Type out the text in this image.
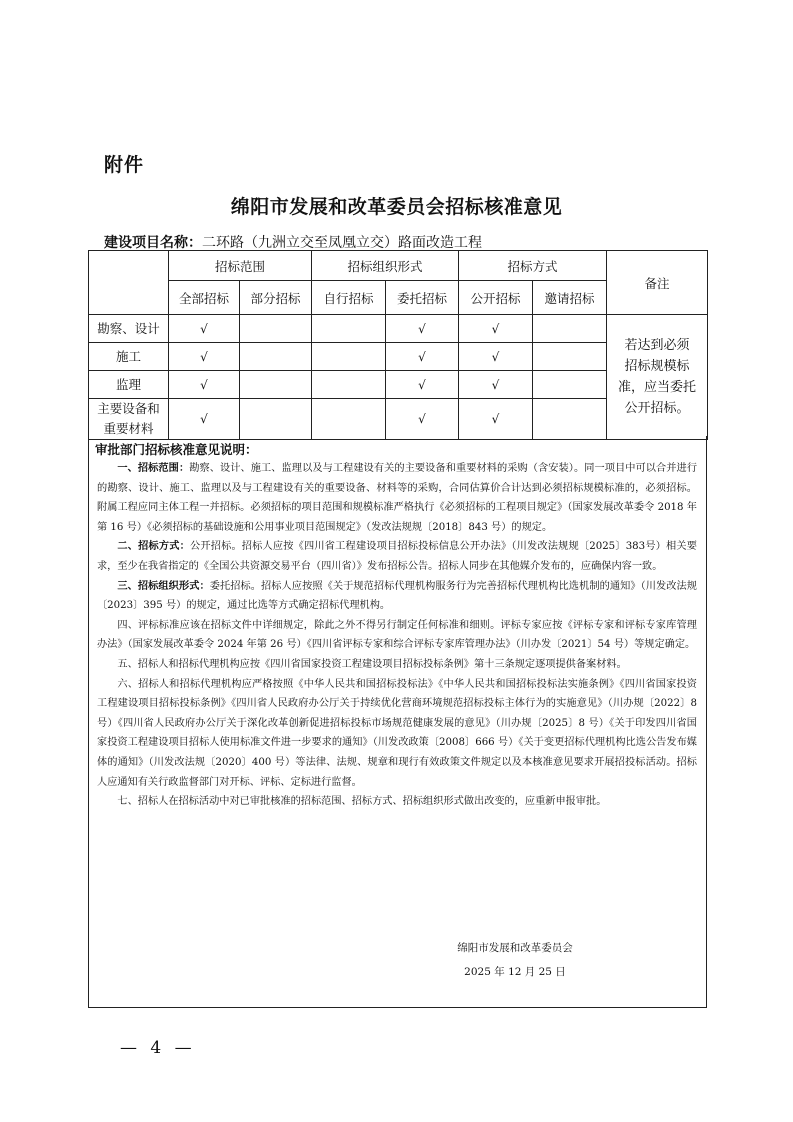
附件
绵阳市发展和改革委员会招标核准意见
建设项目名称：二环路（九洲立交至凤凰立交）路面改造工程
	招标范围		招标组织形式		招标方式		备注
	全部招标	部分招标	自行招标	委托招标	公开招标	邀请招标	
勘察、设计	√			√	√		若达到必须
招标规模标
准，应当委托
公开招标。

施工	√			√	√		
监理	√			√	√		

主要设备和
重要材料	√			√	√		
审批部门招标核准意见说明：

一、招标范围：勘察、设计、施工、监理以及与工程建设有关的主要设备和重要材料的采购（含安装）。同一项目中可以合并进行的勘察、设计、施工、监理以及与工程建设有关的重要设备、材料等的采购，合同估算价合计达到必须招标规模标准的，必须招标。附属工程应同主体工程一并招标。必须招标的项目范围和规模标准严格执行《必须招标的工程项目规定》（国家发展改革委令 2018 年第 16 号）《必须招标的基础设施和公用事业项目范围规定》（发改法规规〔2018〕843 号）的规定。

二、招标方式：公开招标。招标人应按《四川省工程建设项目招标投标信息公开办法》（川发改法规规〔2025〕383号）相关要求，至少在我省指定的《全国公共资源交易平台（四川省）》发布招标公告。招标人同步在其他媒介发布的，应确保内容一致。

三、招标组织形式：委托招标。招标人应按照《关于规范招标代理机构服务行为完善招标代理机构比选机制的通知》（川发改法规〔2023〕395 号）的规定，通过比选等方式确定招标代理机构。

四、评标标准应该在招标文件中详细规定，除此之外不得另行制定任何标准和细则。评标专家应按《评标专家和评标专家库管理办法》（国家发展改革委令 2024 年第 26 号）《四川省评标专家和综合评标专家库管理办法》（川办发〔2021〕54 号）等规定确定。

五、招标人和招标代理机构应按《四川省国家投资工程建设项目招标投标条例》第十三条规定逐项提供备案材料。

六、招标人和招标代理机构应严格按照《中华人民共和国招标投标法》《中华人民共和国招标投标法实施条例》《四川省国家投资工程建设项目招标投标条例》《四川省人民政府办公厅关于持续优化营商环境规范招标投标主体行为的实施意见》（川办规〔2022〕8 号）《四川省人民政府办公厅关于深化改革创新促进招标投标市场规范健康发展的意见》（川办规〔2025〕8 号）《关于印发四川省国家投资工程建设项目招标人使用标准文件进一步要求的通知》（川发改政策〔2008〕666 号）《关于变更招标代理机构比选公告发布媒体的通知》（川发改法规〔2020〕400 号）等法律、法规、规章和现行有效政策文件规定以及本核准意见要求开展招投标活动。招标人应通知有关行政监督部门对开标、评标、定标进行监督。

七、招标人在招标活动中对已审批核准的招标范围、招标方式、招标组织形式做出改变的，应重新申报审批。

绵阳市发展和改革委员会
2025 年 12 月 25 日
— 4 —
